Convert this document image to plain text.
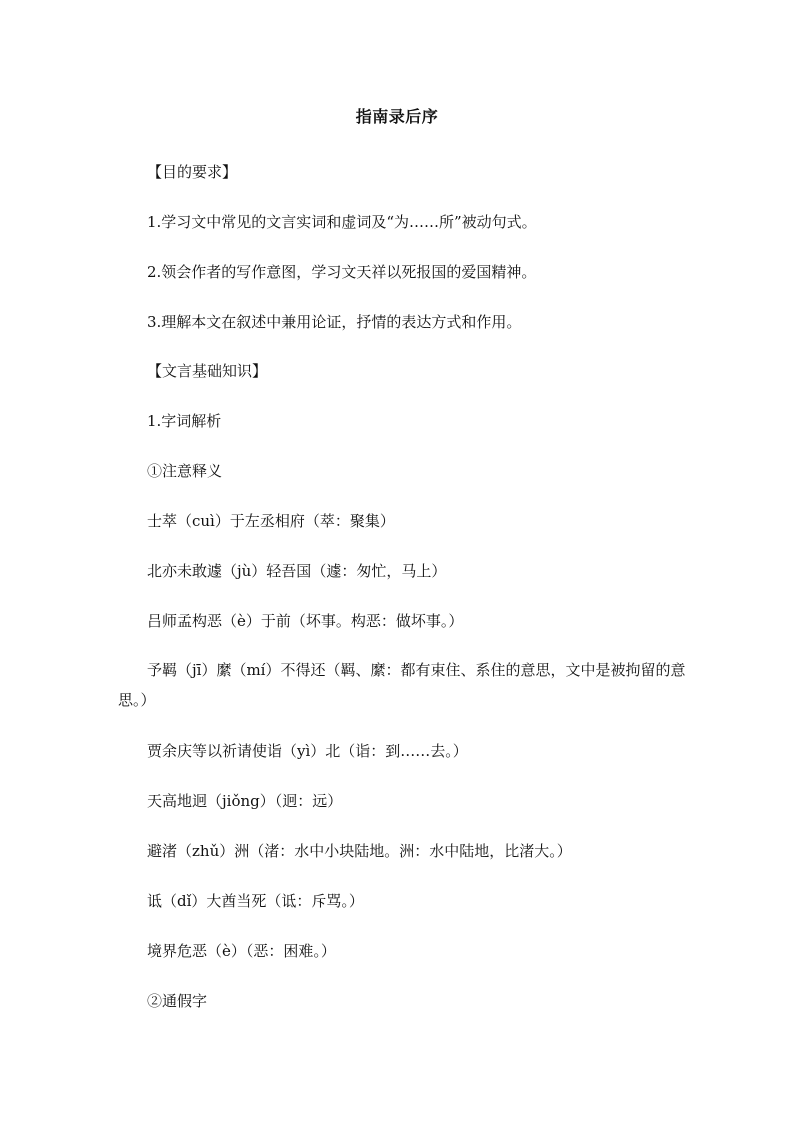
指南录后序
【目的要求】
1.学习文中常见的文言实词和虚词及“为……所”被动句式。
2.领会作者的写作意图，学习文天祥以死报国的爱国精神。
3.理解本文在叙述中兼用论证，抒情的表达方式和作用。
【文言基础知识】
1.字词解析
①注意释义
士萃（cuì）于左丞相府（萃：聚集）
北亦未敢遽（jù）轻吾国（遽：匆忙，马上）
吕师孟构恶（è）于前（坏事。构恶：做坏事。）
予羁（jī）縻（mí）不得还（羁、縻：都有束住、系住的意思，文中是被拘留的意思。）
贾余庆等以祈请使诣（yì）北（诣：到……去。）
天高地迥（jiǒng）（迥：远）
避渚（zhǔ）洲（渚：水中小块陆地。洲：水中陆地，比渚大。）
诋（dǐ）大酋当死（诋：斥骂。）
境界危恶（è）（恶：困难。）
②通假字
